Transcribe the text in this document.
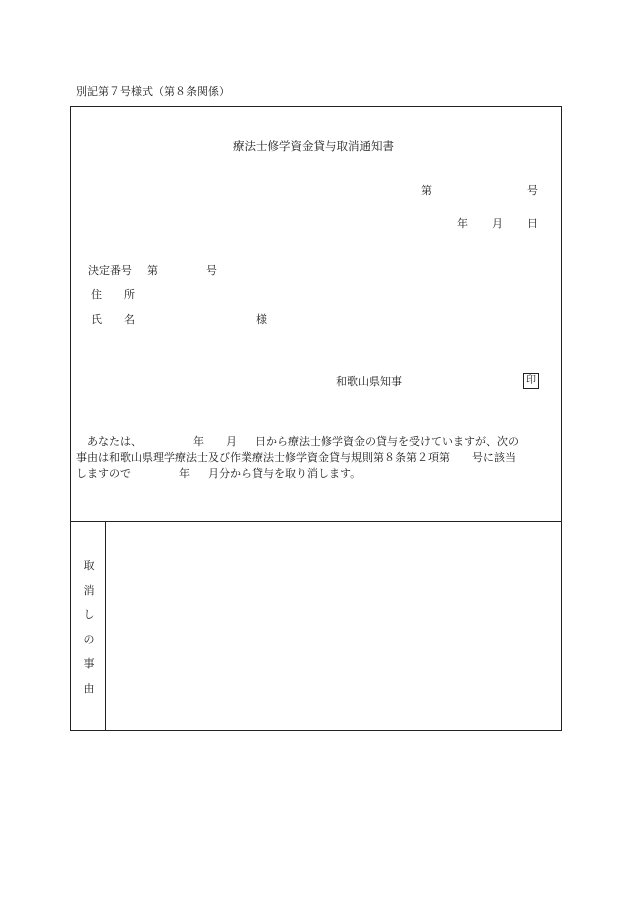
別記第７号様式（第８条関係）
療法士修学資金貸与取消通知書
第	号
年 月 日
決定番号 第	号
住 所
氏 名	様
和歌山県知事	印
　あなたは、	年 月 日から療法士修学資金の貸与を受けていますが、次の
事由は和歌山県理学療法士及び作業療法士修学資金貸与規則第８条第２項第 号に該当
しますので	年 月分から貸与を取り消します。
取
消
し
の
事
由
